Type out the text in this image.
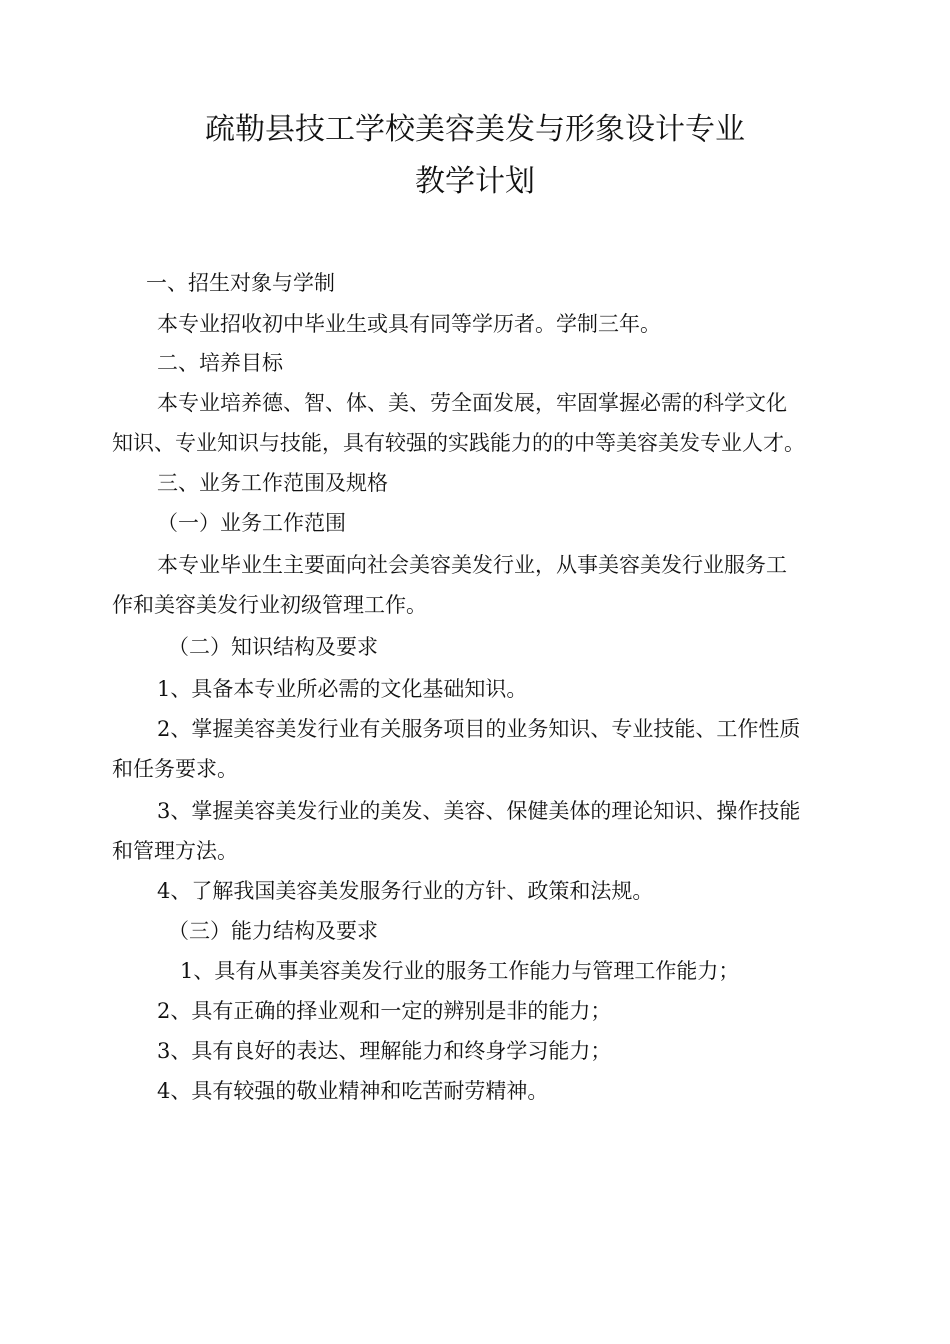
疏勒县技工学校美容美发与形象设计专业
教学计划
一、招生对象与学制
本专业招收初中毕业生或具有同等学历者。学制三年。
二、培养目标
本专业培养德、智、体、美、劳全面发展，牢固掌握必需的科学文化
知识、专业知识与技能，具有较强的实践能力的的中等美容美发专业人才。
三、业务工作范围及规格
（一）业务工作范围
本专业毕业生主要面向社会美容美发行业，从事美容美发行业服务工
作和美容美发行业初级管理工作。
（二）知识结构及要求
1、具备本专业所必需的文化基础知识。
2、掌握美容美发行业有关服务项目的业务知识、专业技能、工作性质
和任务要求。
3、掌握美容美发行业的美发、美容、保健美体的理论知识、操作技能
和管理方法。
4、了解我国美容美发服务行业的方针、政策和法规。
（三）能力结构及要求
1、具有从事美容美发行业的服务工作能力与管理工作能力；
2、具有正确的择业观和一定的辨别是非的能力；
3、具有良好的表达、理解能力和终身学习能力；
4、具有较强的敬业精神和吃苦耐劳精神。
